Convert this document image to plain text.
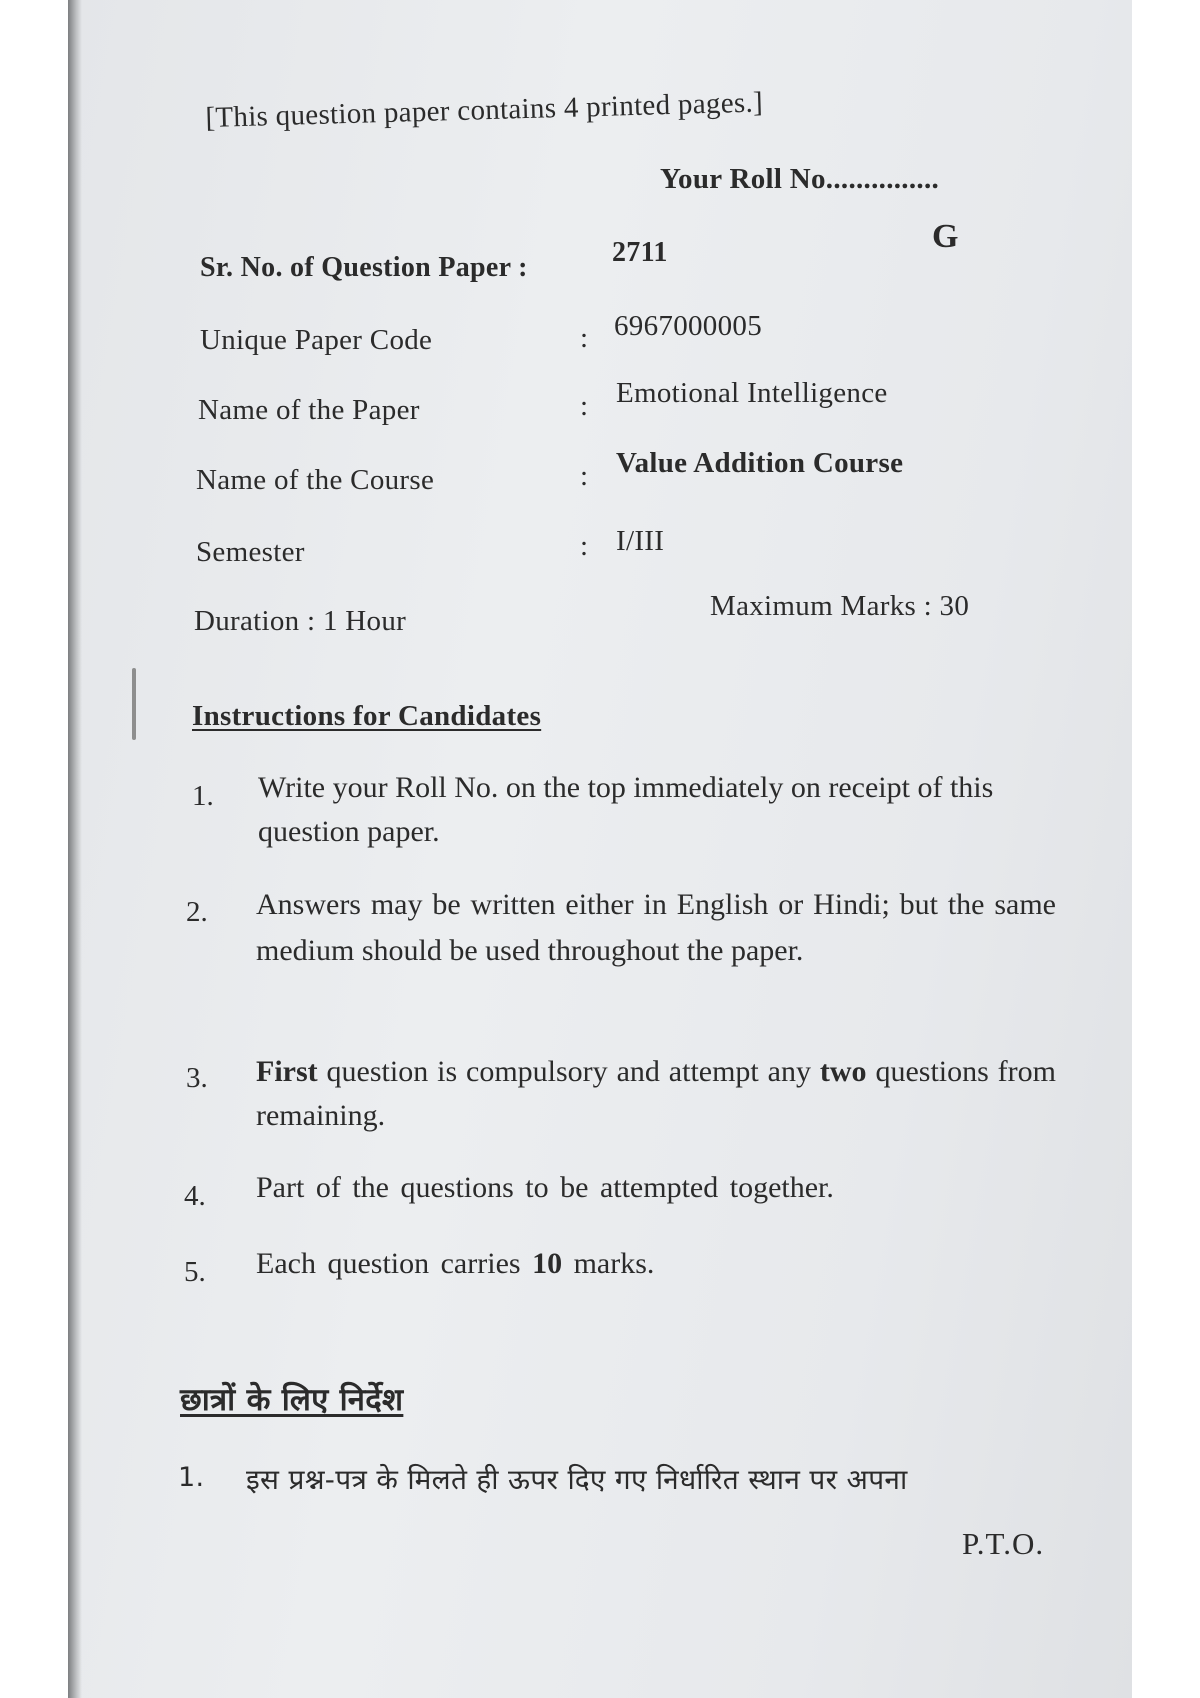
[This question paper contains 4 printed pages.]
Your Roll No...............
G
Sr. No. of Question Paper :	2711
Unique Paper Code	: 6967000005
Name of the Paper	: Emotional Intelligence
Name of the Course	: Value Addition Course
Semester	: I/III
Duration : 1 Hour	Maximum Marks : 30
Instructions for Candidates
1. Write your Roll No. on the top immediately on receipt of this question paper.
2. Answers may be written either in English or Hindi; but the same medium should be used throughout the paper.
3. First question is compulsory and attempt any two questions from remaining.
4. Part of the questions to be attempted together.
5. Each question carries 10 marks.
छात्रों के लिए निर्देश
1. इस प्रश्न-पत्र के मिलते ही ऊपर दिए गए निर्धारित स्थान पर अपना
P.T.O.
